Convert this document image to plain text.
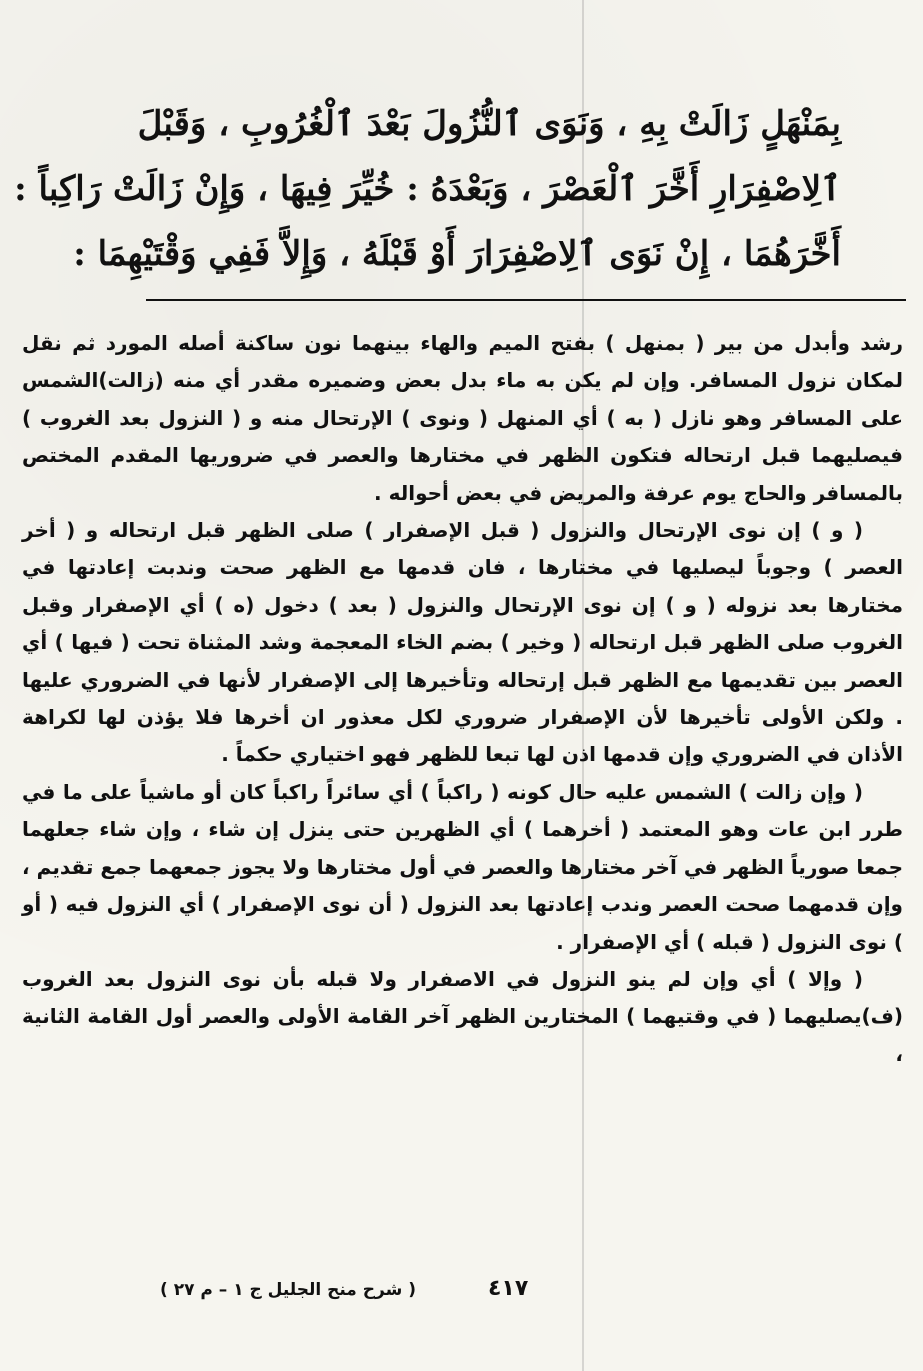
بِمَنْهَلٍ زَالَتْ بِهِ ، وَنَوَى ٱلنُّزُولَ بَعْدَ ٱلْغُرُوبِ ، وَقَبْلَ
ٱلِاصْفِرَارِ أَخَّرَ ٱلْعَصْرَ ، وَبَعْدَهُ : خُيِّرَ فِيهَا ، وَإِنْ زَالَتْ رَاكِباً :
أَخَّرَهُمَا ، إِنْ نَوَى ٱلِاصْفِرَارَ أَوْ قَبْلَهُ ، وَإِلاَّ فَفِي وَقْتَيْهِمَا :

رشد وأبدل من بير ( بمنهل ) بفتح الميم والهاء بينهما نون ساكنة أصله المورد ثم نقل لمكان نزول المسافر. وإن لم يكن به ماء بدل بعض وضميره مقدر أي منه (زالت)الشمس على المسافر وهو نازل ( به ) أي المنهل ( ونوى ) الإرتحال منه و ( النزول بعد الغروب ) فيصليهما قبل ارتحاله فتكون الظهر في مختارها والعصر في ضروريها المقدم المختص بالمسافر والحاج يوم عرفة والمريض في بعض أحواله .

( و ) إن نوى الإرتحال والنزول ( قبل الإصفرار ) صلى الظهر قبل ارتحاله و ( أخر العصر ) وجوباً ليصليها في مختارها ، فان قدمها مع الظهر صحت وندبت إعادتها في مختارها بعد نزوله ( و ) إن نوى الإرتحال والنزول ( بعد ) دخول (ه ) أي الإصفرار وقبل الغروب صلى الظهر قبل ارتحاله ( وخير ) بضم الخاء المعجمة وشد المثناة تحت ( فيها ) أي العصر بين تقديمها مع الظهر قبل إرتحاله وتأخيرها إلى الإصفرار لأنها في الضروري عليها . ولكن الأولى تأخيرها لأن الإصفرار ضروري لكل معذور ان أخرها فلا يؤذن لها لكراهة الأذان في الضروري وإن قدمها اذن لها تبعا للظهر فهو اختياري حكماً .

( وإن زالت ) الشمس عليه حال كونه ( راكباً ) أي سائراً راكباً كان أو ماشياً على ما في طرر ابن عات وهو المعتمد ( أخرهما ) أي الظهرين حتى ينزل إن شاء ، وإن شاء جعلهما جمعا صورياً الظهر في آخر مختارها والعصر في أول مختارها ولا يجوز جمعهما جمع تقديم ، وإن قدمهما صحت العصر وندب إعادتها بعد النزول ( أن نوى الإصفرار ) أي النزول فيه ( أو ) نوى النزول ( قبله ) أي الإصفرار .

( وإلا ) أي وإن لم ينو النزول في الاصفرار ولا قبله بأن نوى النزول بعد الغروب (ف)يصليهما ( في وقتيهما ) المختارين الظهر آخر القامة الأولى والعصر أول القامة الثانية ،

٤١٧
( شرح منح الجليل ج ١ – م ٢٧ )
